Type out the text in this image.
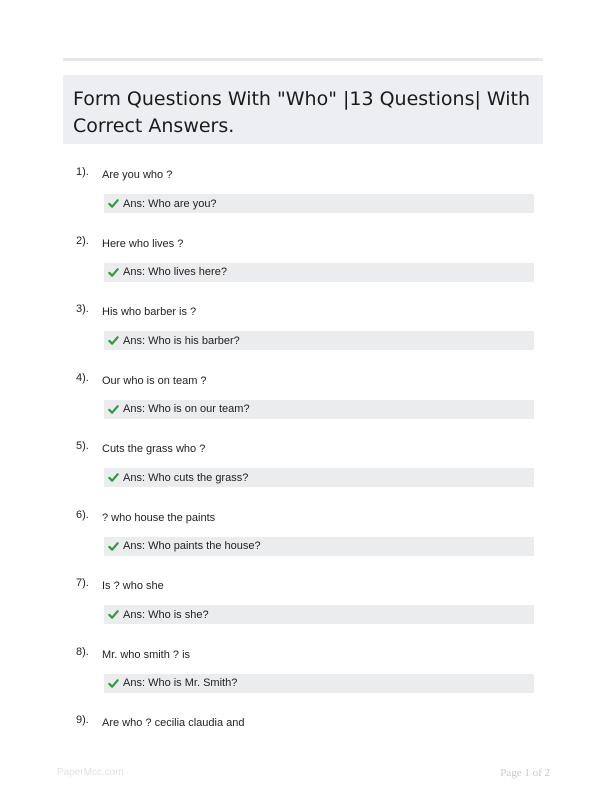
Form Questions With "Who" |13 Questions| With Correct Answers.
1). Are you who ?
Ans: Who are you?
2). Here who lives ?
Ans: Who lives here?
3). His who barber is ?
Ans: Who is his barber?
4). Our who is on team ?
Ans: Who is on our team?
5). Cuts the grass who ?
Ans: Who cuts the grass?
6). ? who house the paints
Ans: Who paints the house?
7). Is ? who she
Ans: Who is she?
8). Mr. who smith ? is
Ans: Who is Mr. Smith?
9). Are who ? cecilia claudia and
PaperMcc.com	Page 1 of 2
